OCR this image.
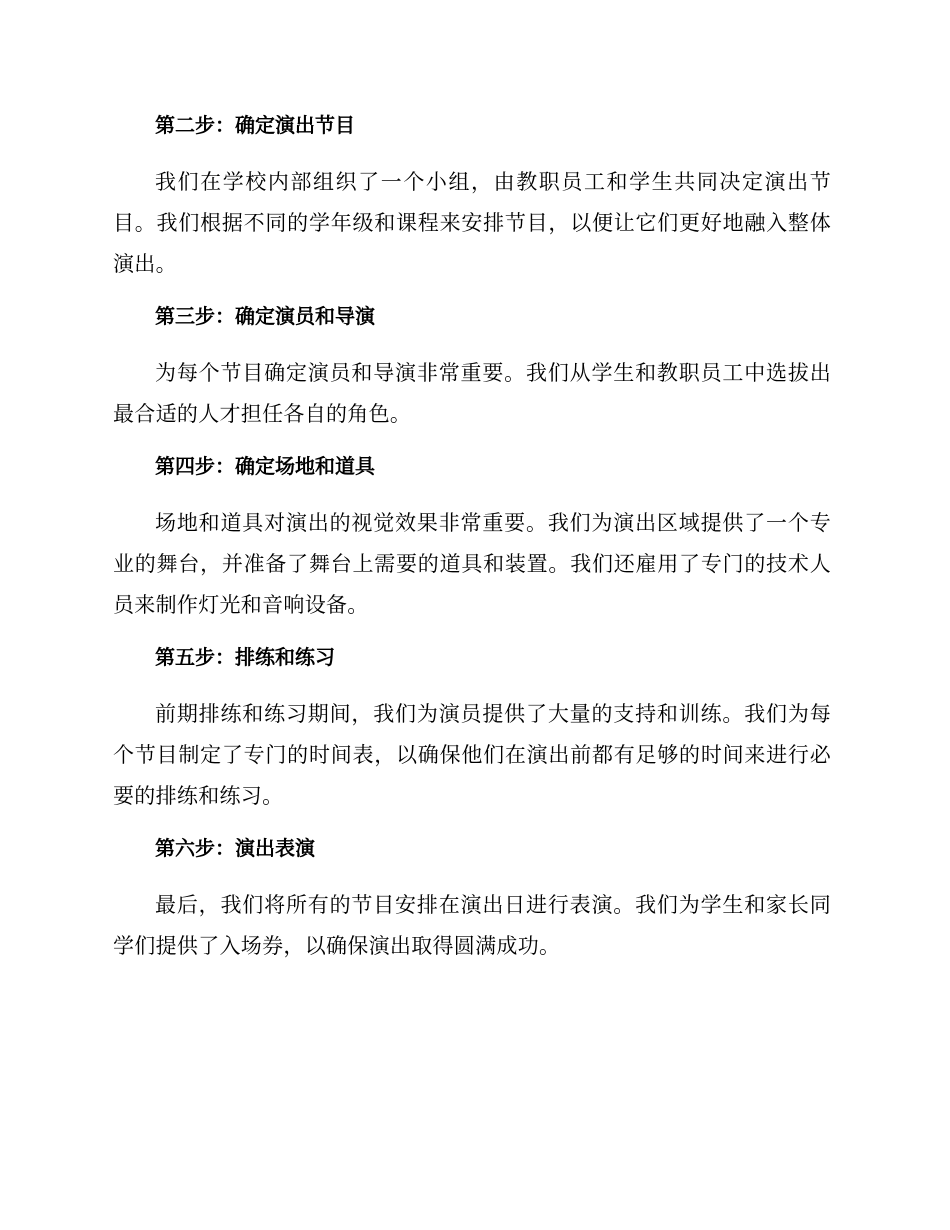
第二步：确定演出节目

我们在学校内部组织了一个小组，由教职员工和学生共同决定演出节目。我们根据不同的学年级和课程来安排节目，以便让它们更好地融入整体演出。

第三步：确定演员和导演

为每个节目确定演员和导演非常重要。我们从学生和教职员工中选拔出最合适的人才担任各自的角色。

第四步：确定场地和道具

场地和道具对演出的视觉效果非常重要。我们为演出区域提供了一个专业的舞台，并准备了舞台上需要的道具和装置。我们还雇用了专门的技术人员来制作灯光和音响设备。

第五步：排练和练习

前期排练和练习期间，我们为演员提供了大量的支持和训练。我们为每个节目制定了专门的时间表，以确保他们在演出前都有足够的时间来进行必要的排练和练习。

第六步：演出表演

最后，我们将所有的节目安排在演出日进行表演。我们为学生和家长同学们提供了入场券，以确保演出取得圆满成功。
